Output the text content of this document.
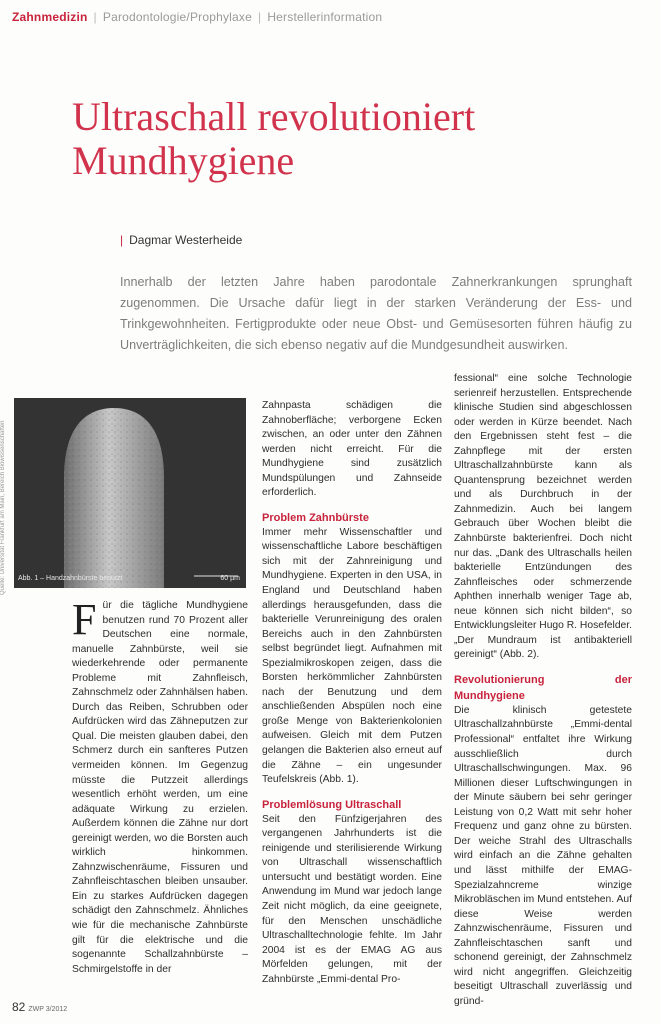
Zahnmedizin | Parodontologie/Prophylaxe | Herstellerinformation
Ultraschall revolutioniert Mundhygiene
| Dagmar Westerheide

Innerhalb der letzten Jahre haben parodontale Zahnerkrankungen sprunghaft zugenommen. Die Ursache dafür liegt in der starken Veränderung der Ess- und Trinkgewohnheiten. Fertigprodukte oder neue Obst- und Gemüsesorten führen häufig zu Unverträglichkeiten, die sich ebenso negativ auf die Mundgesundheit auswirken.

Quelle: Universität Frankfurt am Main, Bereich Biowissenschaften	Abb. 1 – Handzahnbürste benutzt	60 µm
F ür die tägliche Mundhygiene benutzen rund 70 Prozent aller Deutschen eine normale, manuelle Zahnbürste, weil sie wiederkehrende oder permanente Probleme mit Zahnfleisch, Zahnschmelz oder Zahnhälsen haben. Durch das Reiben, Schrubben oder Aufdrücken wird das Zähneputzen zur Qual. Die meisten glauben dabei, den Schmerz durch ein sanfteres Putzen vermeiden können. Im Gegenzug müsste die Putzzeit allerdings wesentlich erhöht werden, um eine adäquate Wirkung zu erzielen. Außerdem können die Zähne nur dort gereinigt werden, wo die Borsten auch wirklich hinkommen. Zahnzwischenräume, Fissuren und Zahnfleischtaschen bleiben unsauber. Ein zu starkes Aufdrücken dagegen schädigt den Zahnschmelz. Ähnliches wie für die mechanische Zahnbürste gilt für die elektrische und die sogenannte Schallzahnbürste – Schmirgelstoffe in der

Zahnpasta schädigen die Zahnoberfläche; verborgene Ecken zwischen, an oder unter den Zähnen werden nicht erreicht. Für die Mundhygiene sind zusätzlich Mundspülungen und Zahnseide erforderlich.

Problem Zahnbürste

Immer mehr Wissenschaftler und wissenschaftliche Labore beschäftigen sich mit der Zahnreinigung und Mundhygiene. Experten in den USA, in England und Deutschland haben allerdings herausgefunden, dass die bakterielle Verunreinigung des oralen Bereichs auch in den Zahnbürsten selbst begründet liegt. Aufnahmen mit Spezialmikroskopen zeigen, dass die Borsten herkömmlicher Zahnbürsten nach der Benutzung und dem anschließenden Abspülen noch eine große Menge von Bakterienkolonien aufweisen. Gleich mit dem Putzen gelangen die Bakterien also erneut auf die Zähne – ein ungesunder Teufelskreis (Abb. 1).

Problemlösung Ultraschall

Seit den Fünfzigerjahren des vergangenen Jahrhunderts ist die reinigende und sterilisierende Wirkung von Ultraschall wissenschaftlich untersucht und bestätigt worden. Eine Anwendung im Mund war jedoch lange Zeit nicht möglich, da eine geeignete, für den Menschen unschädliche Ultraschalltechnologie fehlte. Im Jahr 2004 ist es der EMAG AG aus Mörfelden gelungen, mit der Zahnbürste „Emmi-dental Pro-

fessional“ eine solche Technologie serienreif herzustellen. Entsprechende klinische Studien sind abgeschlossen oder werden in Kürze beendet. Nach den Ergebnissen steht fest – die Zahnpflege mit der ersten Ultraschallzahnbürste kann als Quantensprung bezeichnet werden und als Durchbruch in der Zahnmedizin. Auch bei langem Gebrauch über Wochen bleibt die Zahnbürste bakterienfrei. Doch nicht nur das. „Dank des Ultraschalls heilen bakterielle Entzündungen des Zahnfleisches oder schmerzende Aphthen innerhalb weniger Tage ab, neue können sich nicht bilden“, so Entwicklungsleiter Hugo R. Hosefelder. „Der Mundraum ist antibakteriell gereinigt“ (Abb. 2).

Revolutionierung der Mundhygiene

Die klinisch getestete Ultraschallzahnbürste „Emmi-dental Professional“ entfaltet ihre Wirkung ausschließlich durch Ultraschallschwingungen. Max. 96 Millionen dieser Luftschwingungen in der Minute säubern bei sehr geringer Leistung von 0,2 Watt mit sehr hoher Frequenz und ganz ohne zu bürsten. Der weiche Strahl des Ultraschalls wird einfach an die Zähne gehalten und lässt mithilfe der EMAG-Spezialzahncreme winzige Mikrobläschen im Mund entstehen. Auf diese Weise werden Zahnzwischenräume, Fissuren und Zahnfleischtaschen sanft und schonend gereinigt, der Zahnschmelz wird nicht angegriffen. Gleichzeitig beseitigt Ultraschall zuverlässig und gründ-

82 ZWP 3/2012
